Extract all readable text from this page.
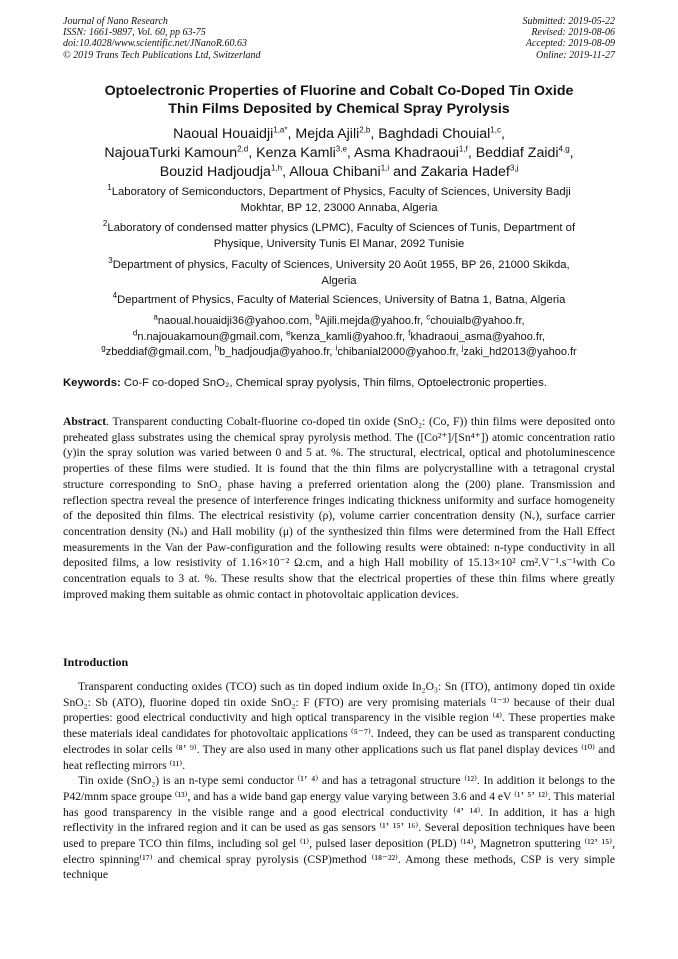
Journal of Nano Research
ISSN: 1661-9897, Vol. 60, pp 63-75
doi:10.4028/www.scientific.net/JNanoR.60.63
© 2019 Trans Tech Publications Ltd, Switzerland
Submitted: 2019-05-22
Revised: 2019-08-06
Accepted: 2019-08-09
Online: 2019-11-27
Optoelectronic Properties of Fluorine and Cobalt Co-Doped Tin Oxide
Thin Films Deposited by Chemical Spray Pyrolysis
Naoual Houaidji$^{1,a*}$, Mejda Ajili$^{2,b}$, Baghdadi Chouial$^{1,c}$,
NajouaTurki Kamoun$^{2,d}$, Kenza Kamli$^{3,e}$, Asma Khadraoui$^{1,f}$, Beddiaf Zaidi$^{4,g}$,
Bouzid Hadjoudja$^{1,h}$, Alloua Chibani$^{1,i}$ and Zakaria Hadef$^{3,j}$
$^1$Laboratory of Semiconductors, Department of Physics, Faculty of Sciences, University Badji
Mokhtar, BP 12, 23000 Annaba, Algeria
$^2$Laboratory of condensed matter physics (LPMC), Faculty of Sciences of Tunis, Department of
Physique, University Tunis El Manar, 2092 Tunisie
$^3$Department of physics, Faculty of Sciences, University 20 Août 1955, BP 26, 21000 Skikda,
Algeria
$^4$Department of Physics, Faculty of Material Sciences, University of Batna 1, Batna, Algeria
$^a$naoual.houaidji36@yahoo.com, $^b$Ajili.mejda@yahoo.fr, $^c$chouialb@yahoo.fr,
$^d$n.najouakamoun@gmail.com, $^e$kenza_kamli@yahoo.fr, $^f$khadraoui_asma@yahoo.fr,
$^g$zbeddiaf@gmail.com, $^h$b_hadjoudja@yahoo.fr, $^i$chibanial2000@yahoo.fr, $^j$zaki_hd2013@yahoo.fr
Keywords: Co-F co-doped SnO₂, Chemical spray pyolysis, Thin films, Optoelectronic properties.
Abstract. Transparent conducting Cobalt-fluorine co-doped tin oxide (SnO₂: (Co, F)) thin films were deposited onto preheated glass substrates using the chemical spray pyrolysis method. The ([Co²⁺]/[Sn⁴⁺]) atomic concentration ratio (y)in the spray solution was varied between 0 and 5 at. %. The structural, electrical, optical and photoluminescence properties of these films were studied. It is found that the thin films are polycrystalline with a tetragonal crystal structure corresponding to SnO₂ phase having a preferred orientation along the (200) plane. Transmission and reflection spectra reveal the presence of interference fringes indicating thickness uniformity and surface homogeneity of the deposited thin films. The electrical resistivity (ρ), volume carrier concentration density (Nᵥ), surface carrier concentration density (Nₛ) and Hall mobility (μ) of the synthesized thin films were determined from the Hall Effect measurements in the Van der Paw-configuration and the following results were obtained: n-type conductivity in all deposited films, a low resistivity of 1.16×10⁻² Ω.cm, and a high Hall mobility of 15.13×10² cm².V⁻¹.s⁻¹with Co concentration equals to 3 at. %. These results show that the electrical properties of these thin films where greatly improved making them suitable as ohmic contact in photovoltaic application devices.
Introduction

Transparent conducting oxides (TCO) such as tin doped indium oxide In₂O₃: Sn (ITO), antimony doped tin oxide SnO₂: Sb (ATO), fluorine doped tin oxide SnO₂: F (FTO) are very promising materials ⁽¹⁻³⁾ because of their dual properties: good electrical conductivity and high optical transparency in the visible region ⁽⁴⁾. These properties make these materials ideal candidates for photovoltaic applications ⁽⁵⁻⁷⁾. Indeed, they can be used as transparent conducting electrodes in solar cells ⁽⁸ʼ ⁹⁾. They are also used in many other applications such us flat panel display devices ⁽¹⁰⁾ and heat reflecting mirrors ⁽¹¹⁾.

Tin oxide (SnO₂) is an n-type semi conductor ⁽¹ʼ ⁴⁾ and has a tetragonal structure ⁽¹²⁾. In addition it belongs to the P42/mnm space groupe ⁽¹³⁾, and has a wide band gap energy value varying between 3.6 and 4 eV ⁽¹ʼ ⁵ʼ ¹²⁾. This material has good transparency in the visible range and a good electrical conductivity ⁽⁴ʼ ¹⁴⁾. In addition, it has a high reflectivity in the infrared region and it can be used as gas sensors ⁽¹ʼ ¹⁵ʼ ¹⁶⁾. Several deposition techniques have been used to prepare TCO thin films, including sol gel ⁽¹⁾, pulsed laser deposition (PLD) ⁽¹⁴⁾, Magnetron sputtering ⁽¹²ʼ ¹⁵⁾, electro spinning⁽¹⁷⁾ and chemical spray pyrolysis (CSP)method ⁽¹⁸⁻²²⁾. Among these methods, CSP is very simple technique
